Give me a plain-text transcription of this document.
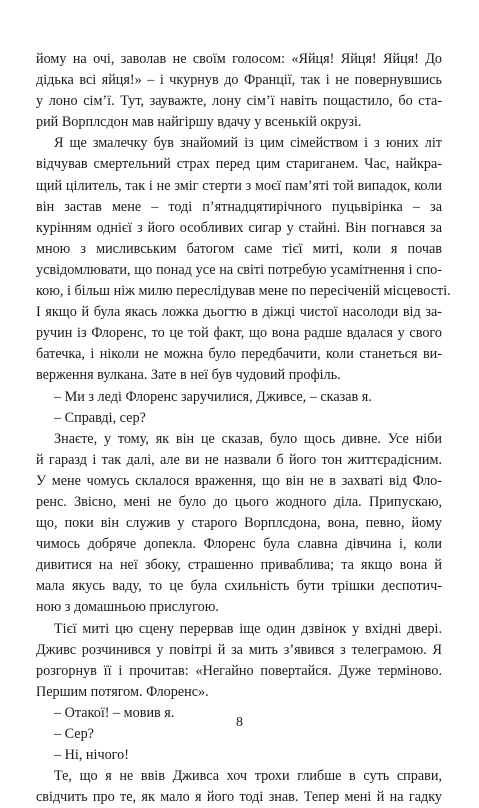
йому на очі, заволав не своїм голосом: «Яйця! Яйця! Яйця! До
дідька всі яйця!» – і чкурнув до Франції, так і не повернувшись
у лоно сім’ї. Тут, зауважте, лону сім’ї навіть пощастило, бо ста-
рий Ворплсдон мав найгіршу вдачу у всенькій окрузі.
Я ще змалечку був знайомий із цим сімейством і з юних літ
відчував смертельний страх перед цим стариганем. Час, найкра-
щий цілитель, так і не зміг стерти з моєї пам’яті той випадок, коли
він застав мене – тоді п’ятнадцятирічного пуцьвірінка – за
курінням однієї з його особливих сигар у стайні. Він погнався за
мною з мисливським батогом саме тієї миті, коли я почав
усвідомлювати, що понад усе на світі потребую усамітнення і спо-
кою, і більш ніж милю переслідував мене по пересіченій місцевості.
І якщо й була якась ложка дьогтю в діжці чистої насолоди від за-
ручин із Флоренс, то це той факт, що вона радше вдалася у свого
батечка, і ніколи не можна було передбачити, коли станеться ви-
верження вулкана. Зате в неї був чудовий профіль.
– Ми з леді Флоренс заручилися, Дживсе, – сказав я.
– Справді, сер?
Знаєте, у тому, як він це сказав, було щось дивне. Усе ніби
й гаразд і так далі, але ви не назвали б його тон життєрадісним.
У мене чомусь склалося враження, що він не в захваті від Фло-
ренс. Звісно, мені не було до цього жодного діла. Припускаю,
що, поки він служив у старого Ворплсдона, вона, певно, йому
чимось добряче допекла. Флоренс була славна дівчина і, коли
дивитися на неї збоку, страшенно приваблива; та якщо вона й
мала якусь ваду, то це була схильність бути трішки деспотич-
ною з домашньою прислугою.
Тієї миті цю сцену перервав іще один дзвінок у вхідні двері.
Дживс розчинився у повітрі й за мить з’явився з телеграмою. Я
розгорнув її і прочитав: «Негайно повертайся. Дуже терміново.
Першим потягом. Флоренс».
– Отакої! – мовив я.
– Сер?
– Ні, нічого!
Те, що я не ввів Дживса хоч трохи глибше в суть справи,
свідчить про те, як мало я його тоді знав. Тепер мені й на гадку
8
